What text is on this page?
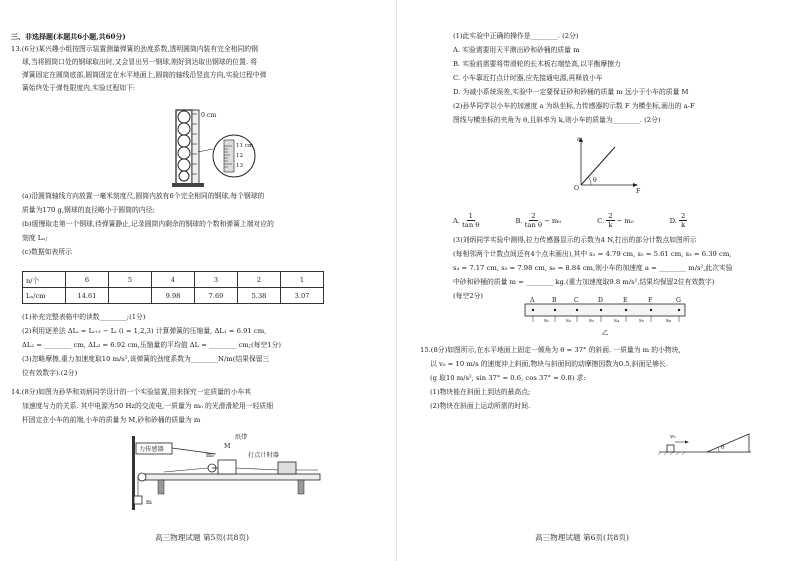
三、非选择题(本题共6小题,共60分)
13.(6分)某兴趣小组按图示装置测量弹簧的劲度系数,透明圆筒内装有完全相同的钢
球,当将圆筒口处的钢球取出时,又会冒出另一钢球,刚好到达取出钢球的位置. 将
弹簧固定在圆筒底部,圆筒固定在水平地面上,圆筒的轴线沿竖直方向,实验过程中弹
簧始终处于弹性限度内,实验过程如下:
0 cm
11 cm
12
13
(a)沿圆筒轴线方向放置一毫米刻度尺,圆筒内放有6个完全相同的钢球,每个钢球的
质量为170 g,钢球的直径略小于圆筒的内径;
(b)缓慢取走第一个钢球,待弹簧静止,记录圆筒内剩余的钢球的个数和弹簧上端对应的
刻度 Lₙ;
(c)数据如表所示
n/个	6	5	4	3	2	1
Lₙ/cm	14.61		9.98	7.69	5.38	3.07
(1)补充完整表格中的读数________;(1分)
(2)利用逐差法 ΔLᵢ = Lᵢ₊₃ − Lᵢ (i = 1,2,3) 计算弹簧的压缩量, ΔL₁ = 6.91 cm,
ΔL₂ = ________ cm, ΔL₃ = 6.92 cm,压缩量的平均值 ΔL = ________ cm;(每空1分)
(3)忽略摩擦,重力加速度取10 m/s²,该弹簧的劲度系数为________N/m(结果保留三
位有效数字).(2分)
14.(8分)如图为孙华和刘炳同学设计的一个实验装置,用来探究一定质量的小车其
加速度与力的关系. 其中电源为50 Hz的交流电,一质量为 m₀ 的光滑滑轮用一轻质细
杆固定在小车的前端,小车的质量为 M,砂和砂桶的质量为 m
力传感器	M
m₀
纸带
打点计时器
m
高三物理试题 第5页(共8页)
(1)此实验中正确的操作是________. (2分)
A. 实验需要用天平测出砂和砂桶的质量 m
B. 实验前需要将带滑轮的长木板右端垫高,以平衡摩擦力
C. 小车靠近打点计时器,应先接通电源,再释放小车
D. 为减小系统误差,实验中一定要保证砂和砂桶的质量 m 远小于小车的质量 M
(2)孙华同学以小车的加速度 a 为纵坐标,力传感器的示数 F 为横坐标,画出的 a-F
图线与横坐标的夹角为 θ,且斜率为 k,则小车的质量为________. (2分)
a
F
O
θ
A. $\frac{1}{\text{tan θ}}$	B. $\frac{2}{\text{tan θ}} - m_0$	C. $\frac{2}{k} - m_0$	D. $\frac{2}{k}$
(3)刘炳同学实验中测得,拉力传感器显示的示数为4 N,打出的部分计数点如图所示
(每相邻两个计数点间还有4个点未画出),其中 s₁ = 4.79 cm, s₂ = 5.61 cm, s₃ = 6.39 cm,
s₄ = 7.17 cm, s₅ = 7.98 cm, s₆ = 8.84 cm,则小车的加速度 a = ________ m/s²,此次实验
中砂和砂桶的质量 m = ________ kg.(重力加速度取9.8 m/s²,结果均保留2位有效数字)
(每空2分)
A	B	C	D	E	F	G
s₁	s₂	s₃	s₄	s₅	s₆
乙
15.(8分)如图所示,在水平地面上固定一倾角为 θ = 37° 的斜面. 一质量为 m 的小物块,
以 v₀ = 10 m/s 的速度冲上斜面,物块与斜面间的动摩擦因数为0.5,斜面足够长.
(g 取10 m/s², sin 37° = 0.6, cos 37° = 0.8) 求:
(1)物块能在斜面上到达的最高点;
(2)物块在斜面上运动所需的时间.
v₀
θ
高三物理试题 第6页(共8页)
